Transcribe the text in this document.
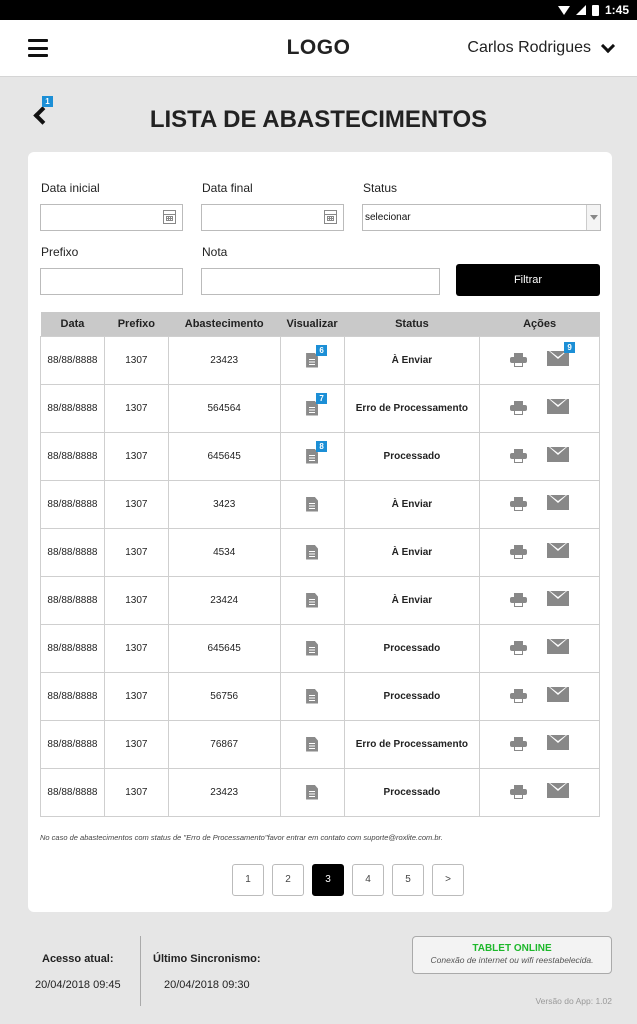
1:45
LOGO	Carlos Rodrigues
1
LISTA DE ABASTECIMENTOS
Data inicial	Data final	Status
selecionar
Prefixo	Nota
Filtrar
Data	Prefixo	Abastecimento	Visualizar	Status	Ações
88/88/8888	1307	23423	6	À Enviar	9

88/88/8888	1307	564564	7	Erro de Processamento	

88/88/8888	1307	645645	8	Processado	

88/88/8888	1307	3423		À Enviar	

88/88/8888	1307	4534		À Enviar	

88/88/8888	1307	23424		À Enviar	

88/88/8888	1307	645645		Processado	

88/88/8888	1307	56756		Processado	

88/88/8888	1307	76867		Erro de Processamento	

88/88/8888	1307	23423		Processado	
No caso de abastecimentos com status de "Erro de Processamento"favor entrar em contato com suporte@roxlite.com.br.
1	2	3	4	5	>
Acesso atual:
20/04/2018 09:45
Último Sincronismo:
20/04/2018 09:30
TABLET ONLINE
Conexão de internet ou wifi reestabelecida.
Versão do App: 1.02
